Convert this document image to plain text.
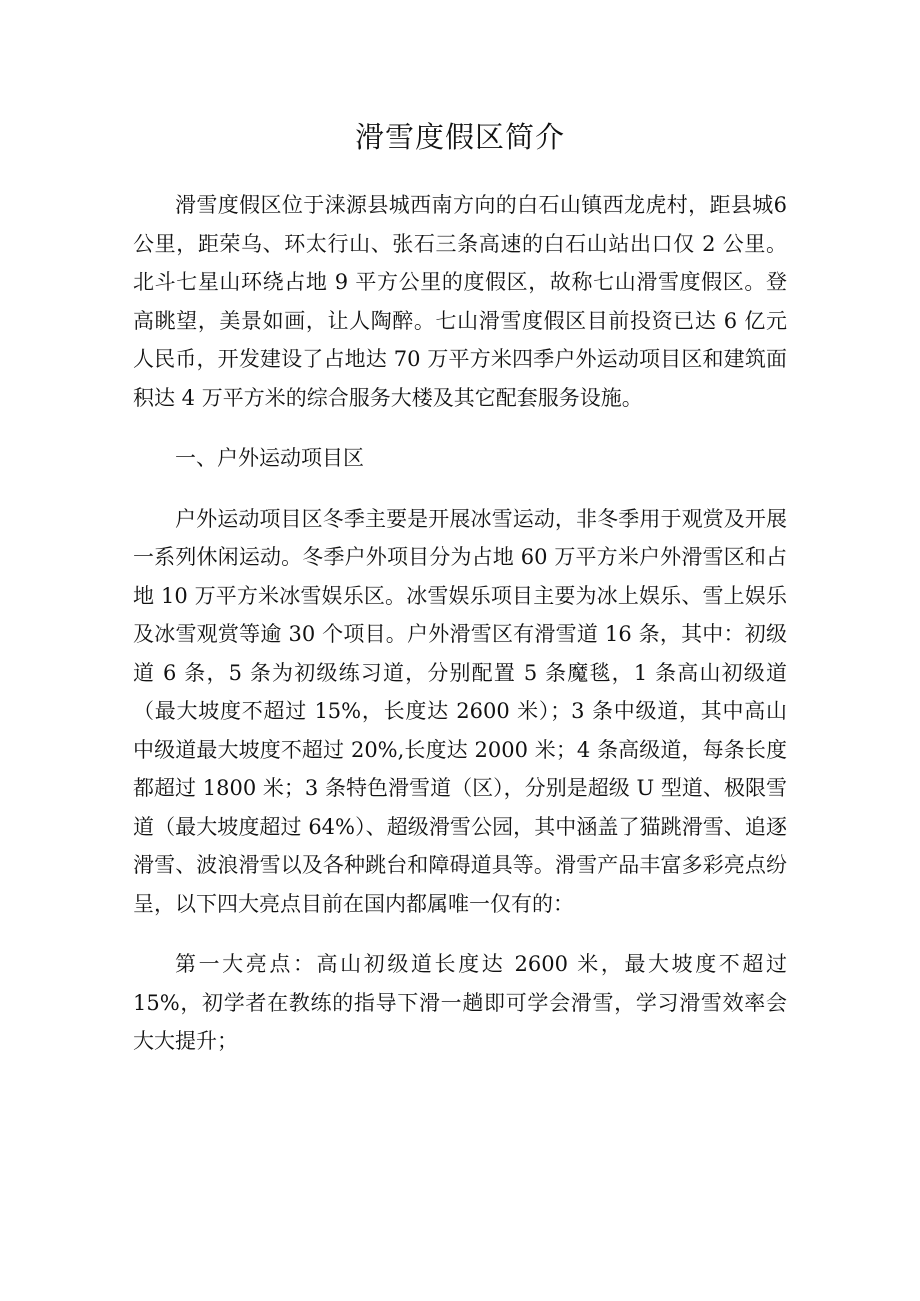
滑雪度假区简介

滑雪度假区位于涞源县城西南方向的白石山镇西龙虎村，距县城6 公里，距荣乌、环太行山、张石三条高速的白石山站出口仅 2 公里。北斗七星山环绕占地 9 平方公里的度假区，故称七山滑雪度假区。登高眺望，美景如画，让人陶醉。七山滑雪度假区目前投资已达 6 亿元人民币，开发建设了占地达 70 万平方米四季户外运动项目区和建筑面积达 4 万平方米的综合服务大楼及其它配套服务设施。

一、户外运动项目区

户外运动项目区冬季主要是开展冰雪运动，非冬季用于观赏及开展一系列休闲运动。冬季户外项目分为占地 60 万平方米户外滑雪区和占地 10 万平方米冰雪娱乐区。冰雪娱乐项目主要为冰上娱乐、雪上娱乐及冰雪观赏等逾 30 个项目。户外滑雪区有滑雪道 16 条，其中：初级道 6 条，5 条为初级练习道，分别配置 5 条魔毯，1 条高山初级道（最大坡度不超过 15%，长度达 2600 米）；3 条中级道，其中高山中级道最大坡度不超过 20%,长度达 2000 米；4 条高级道，每条长度都超过 1800 米；3 条特色滑雪道（区），分别是超级 U 型道、极限雪道（最大坡度超过 64%）、超级滑雪公园，其中涵盖了猫跳滑雪、追逐滑雪、波浪滑雪以及各种跳台和障碍道具等。滑雪产品丰富多彩亮点纷呈，以下四大亮点目前在国内都属唯一仅有的：

第一大亮点：高山初级道长度达 2600 米，最大坡度不超过15%，初学者在教练的指导下滑一趟即可学会滑雪，学习滑雪效率会大大提升；
